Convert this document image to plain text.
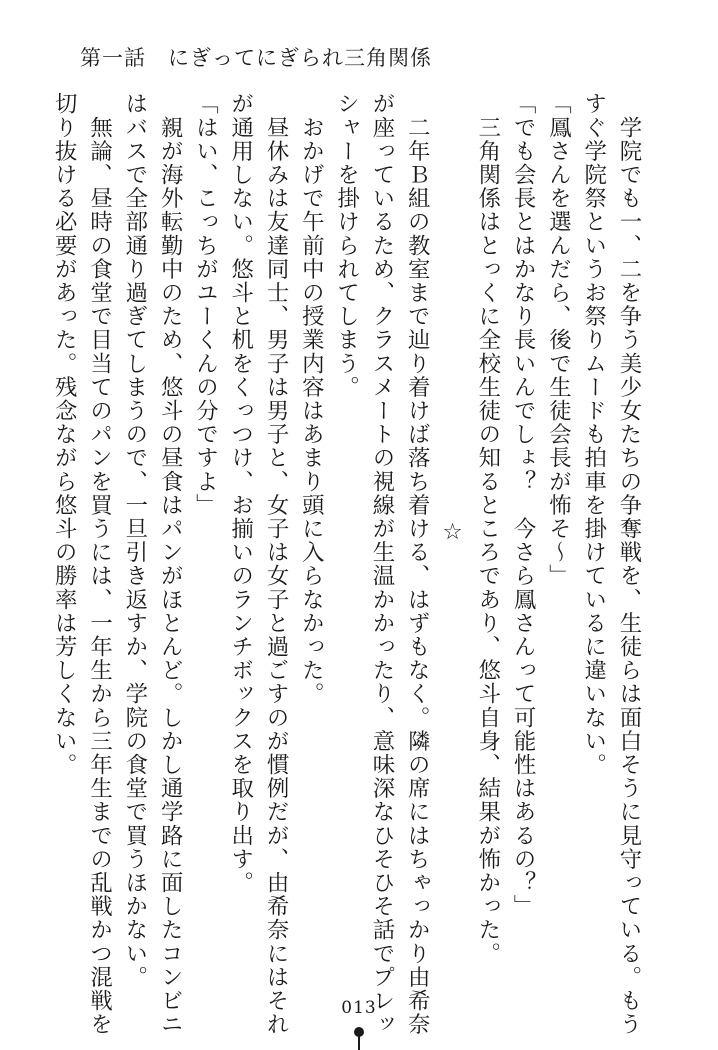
第一話　にぎってにぎられ三角関係

　学院でも一、二を争う美少女たちの争奪戦を、生徒らは面白そうに見守っている。もう

すぐ学院祭というお祭りムードも拍車を掛けているに違いない。

「鳳さんを選んだら、後で生徒会長が怖そ～」

「でも会長とはかなり長いんでしょ？　今さら鳳さんって可能性はあるの？」

　三角関係はとっくに全校生徒の知るところであり、悠斗自身、結果が怖かった。

☆

　二年Ｂ組の教室まで辿り着けば落ち着ける、はずもなく。隣の席にはちゃっかり由希奈

が座っているため、クラスメートの視線が生温かかったり、意味深なひそひそ話でプレッ

シャーを掛けられてしまう。

　おかげで午前中の授業内容はあまり頭に入らなかった。

　昼休みは友達同士、男子は男子と、女子は女子と過ごすのが慣例だが、由希奈にはそれ

が通用しない。悠斗と机をくっつけ、お揃いのランチボックスを取り出す。

「はい、こっちがユーくんの分ですよ」

　親が海外転勤中のため、悠斗の昼食はパンがほとんど。しかし通学路に面したコンビニ

はバスで全部通り過ぎてしまうので、一旦引き返すか、学院の食堂で買うほかない。

　無論、昼時の食堂で目当てのパンを買うには、一年生から三年生までの乱戦かつ混戦を

切り抜ける必要があった。残念ながら悠斗の勝率は芳しくない。

013
